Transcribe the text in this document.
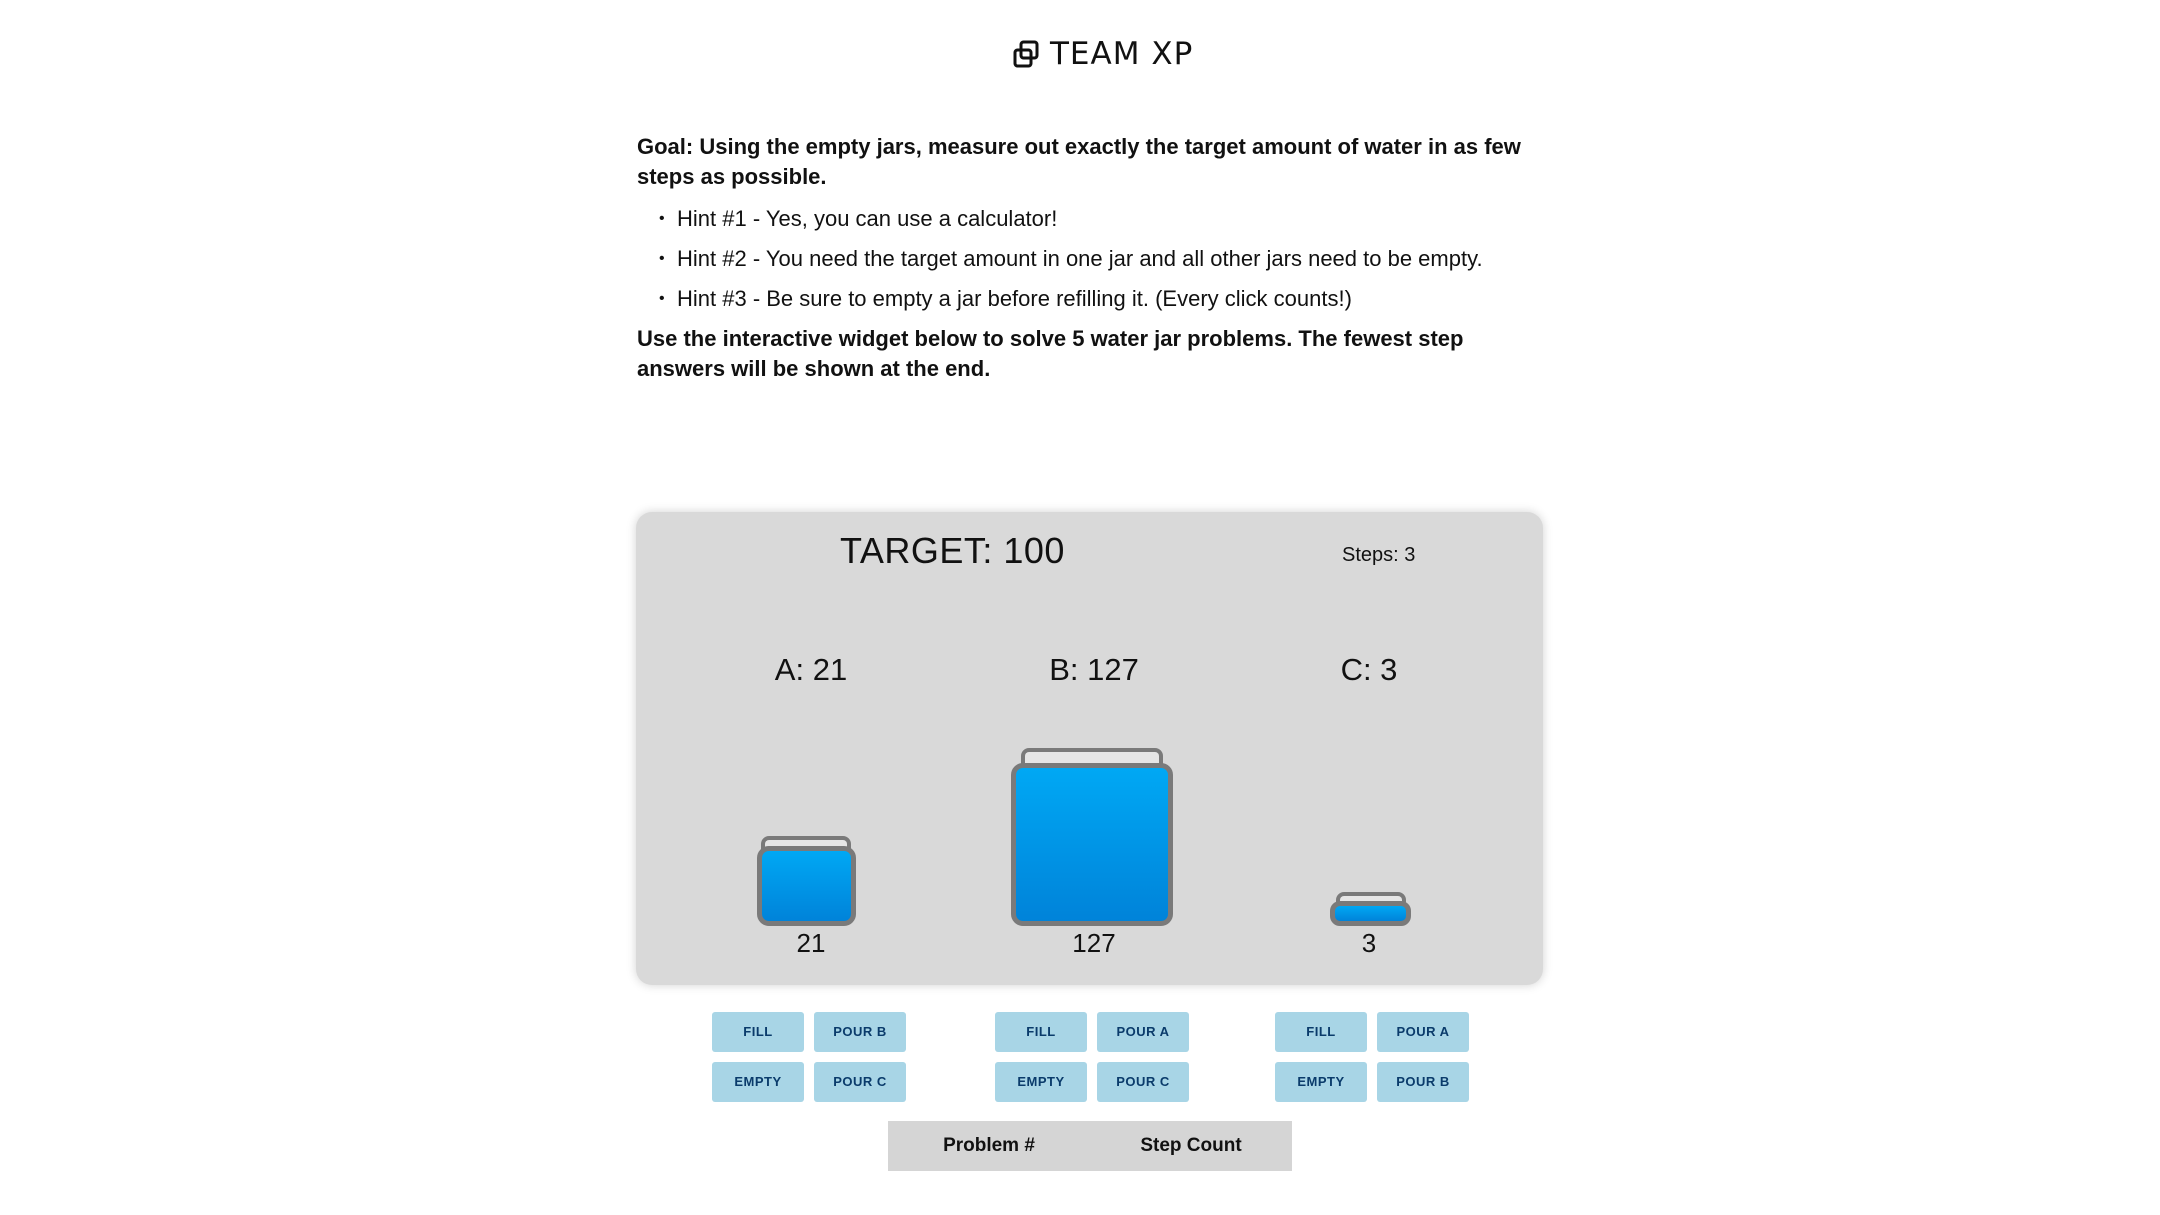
TEAM XP

Goal: Using the empty jars, measure out exactly the target amount of water in as few steps as possible.

• Hint #1 - Yes, you can use a calculator!
• Hint #2 - You need the target amount in one jar and all other jars need to be empty.
• Hint #3 - Be sure to empty a jar before refilling it. (Every click counts!)

Use the interactive widget below to solve 5 water jar problems. The fewest step answers will be shown at the end.

TARGET: 100	Steps: 3
A: 21
21
B: 127
127
C: 3
3
FILL	POUR B
EMPTY	POUR C
FILL	POUR A
EMPTY	POUR C
FILL	POUR A
EMPTY	POUR B
Problem #	Step Count
